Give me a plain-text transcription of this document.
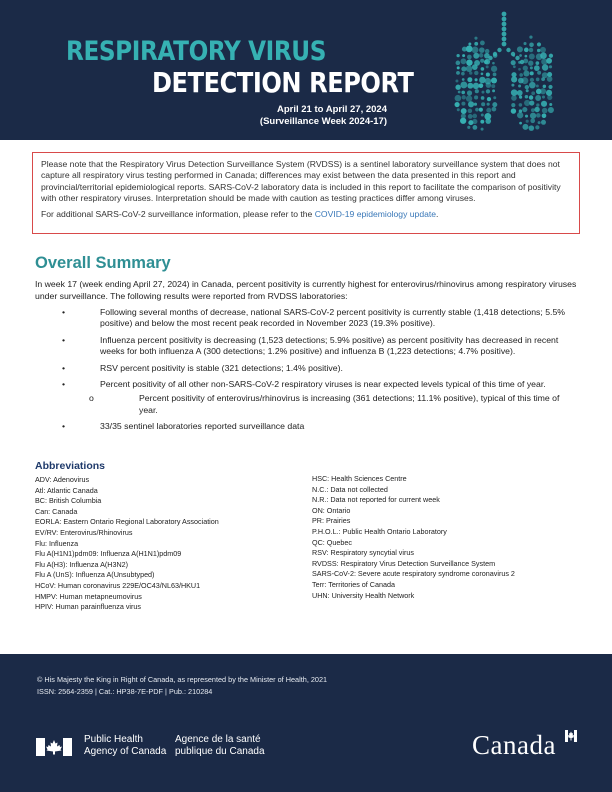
RESPIRATORY VIRUS
DETECTION REPORT
April 21 to April 27, 2024
(Surveillance Week 2024-17)

Please note that the Respiratory Virus Detection Surveillance System (RVDSS) is a sentinel laboratory surveillance system that does not capture all respiratory virus testing performed in Canada; differences may exist between the data presented in this report and provincial/territorial epidemiological reports. SARS-CoV-2 laboratory data is included in this report to facilitate the comparison of positivity with other respiratory viruses. Interpretation should be made with caution as testing practices differ among viruses.

For additional SARS-CoV-2 surveillance information, please refer to the COVID-19 epidemiology update.

Overall Summary
In week 17 (week ending April 27, 2024) in Canada, percent positivity is currently highest for enterovirus/rhinovirus among respiratory viruses under surveillance. The following results were reported from RVDSS laboratories:
•	Following several months of decrease, national SARS-CoV-2 percent positivity is currently stable (1,418 detections; 5.5% positive) and below the most recent peak recorded in November 2023 (19.3% positive).
•	Influenza percent positivity is decreasing (1,523 detections; 5.9% positive) as percent positivity has decreased in recent weeks for both influenza A (300 detections; 1.2% positive) and influenza B (1,223 detections; 4.7% positive).
•	RSV percent positivity is stable (321 detections; 1.4% positive).
•	Percent positivity of all other non-SARS-CoV-2 respiratory viruses is near expected levels typical of this time of year.
o	Percent positivity of enterovirus/rhinovirus is increasing (361 detections; 11.1% positive), typical of this time of year.
•	33/35 sentinel laboratories reported surveillance data
Abbreviations
ADV: Adenovirus
Atl: Atlantic Canada
BC: British Columbia
Can: Canada
EORLA: Eastern Ontario Regional Laboratory Association
EV/RV: Enterovirus/Rhinovirus
Flu: Influenza
Flu A(H1N1)pdm09: Influenza A(H1N1)pdm09
Flu A(H3): Influenza A(H3N2)
Flu A (UnS): Influenza A(Unsubtyped)
HCoV: Human coronavirus 229E/OC43/NL63/HKU1
HMPV: Human metapneumovirus
HPIV: Human parainfluenza virus
HSC: Health Sciences Centre
N.C.: Data not collected
N.R.: Data not reported for current week
ON: Ontario
PR: Prairies
P.H.O.L.: Public Health Ontario Laboratory
QC: Quebec
RSV: Respiratory syncytial virus
RVDSS: Respiratory Virus Detection Surveillance System
SARS-CoV-2: Severe acute respiratory syndrome coronavirus 2
Terr: Territories of Canada
UHN: University Health Network
© His Majesty the King in Right of Canada, as represented by the Minister of Health, 2021
ISSN: 2564-2359 | Cat.: HP38-7E-PDF | Pub.: 210284
Public Health
Agency of Canada
Agence de la santé
publique du Canada	Canada
